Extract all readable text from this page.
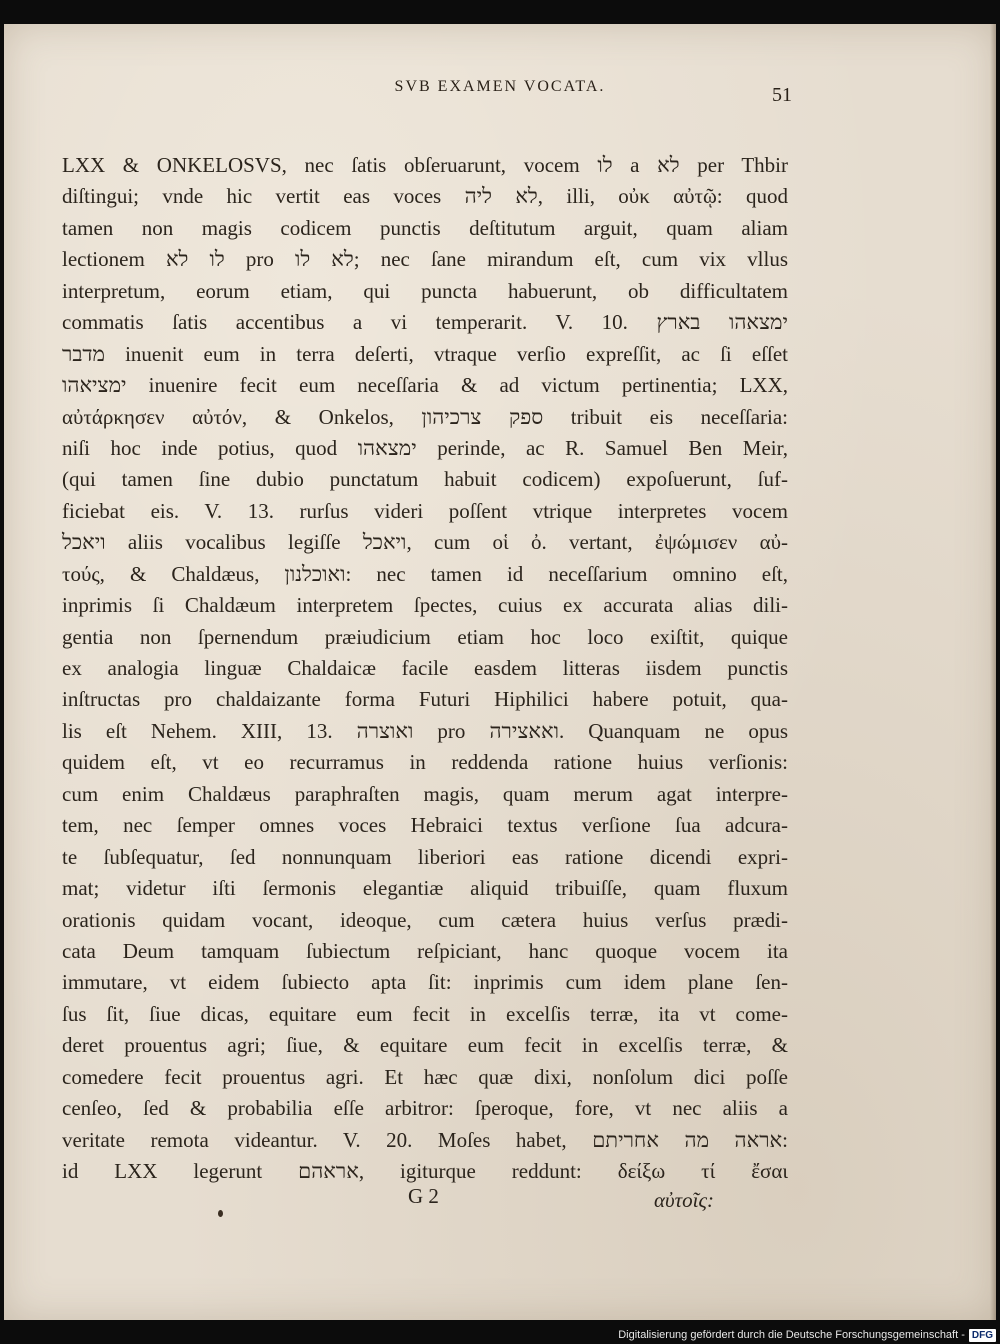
SVB EXAMEN VOCATA.	51
LXX & ONKELOSVS, nec ſatis obſeruarunt, vocem לו a לא per Thbir
diſtingui; vnde hic vertit eas voces לא ליה, illi, οὐκ αὐτῷ: quod
tamen non magis codicem punctis deſtitutum arguit, quam aliam
lectionem לו לא pro לא לו; nec ſane mirandum eſt, cum vix vllus
interpretum, eorum etiam, qui puncta habuerunt, ob difficultatem
commatis ſatis accentibus a vi temperarit. V. 10. ימצאהו בארץ
מדבר inuenit eum in terra deſerti, vtraque verſio expreſſit, ac ſi eſſet
ימציאהו inuenire fecit eum neceſſaria & ad victum pertinentia; LXX,
αὐτάρκησεν αὐτόν, & Onkelos, ספק צרכיהון tribuit eis neceſſaria:
niſi hoc inde potius, quod ימצאהו perinde, ac R. Samuel Ben Meir,
(qui tamen ſine dubio punctatum habuit codicem) expoſuerunt, ſuf-
ficiebat eis. V. 13. rurſus videri poſſent vtrique interpretes vocem
ויאכל aliis vocalibus legiſſe ויאכל, cum οἱ ὀ. vertant, ἐψώμισεν αὐ-
τούς, & Chaldæus, ואוכלנון: nec tamen id neceſſarium omnino eſt,
inprimis ſi Chaldæum interpretem ſpectes, cuius ex accurata alias dili-
gentia non ſpernendum præiudicium etiam hoc loco exiſtit, quique
ex analogia linguæ Chaldaicæ facile easdem litteras iisdem punctis
inſtructas pro chaldaizante forma Futuri Hiphilici habere potuit, qua-
lis eſt Nehem. XIII, 13. ואוצרה pro ואאצירה. Quanquam ne opus
quidem eſt, vt eo recurramus in reddenda ratione huius verſionis:
cum enim Chaldæus paraphraſten magis, quam merum agat interpre-
tem, nec ſemper omnes voces Hebraici textus verſione ſua adcura-
te ſubſequatur, ſed nonnunquam liberiori eas ratione dicendi expri-
mat; videtur iſti ſermonis elegantiæ aliquid tribuiſſe, quam fluxum
orationis quidam vocant, ideoque, cum cætera huius verſus prædi-
cata Deum tamquam ſubiectum reſpiciant, hanc quoque vocem ita
immutare, vt eidem ſubiecto apta ſit: inprimis cum idem plane ſen-
ſus ſit, ſiue dicas, equitare eum fecit in excelſis terræ, ita vt come-
deret prouentus agri; ſiue, & equitare eum fecit in excelſis terræ, &
comedere fecit prouentus agri. Et hæc quæ dixi, nonſolum dici poſſe
cenſeo, ſed & probabilia eſſe arbitror: ſperoque, fore, vt nec aliis a
veritate remota videantur. V. 20. Moſes habet, אראה מה אחריתם:
id LXX legerunt אראהם, igiturque reddunt: δείξω τί ἔσαι
G 2	αὐτοῖς:
Digitalisierung gefördert durch die Deutsche Forschungsgemeinschaft - DFG
